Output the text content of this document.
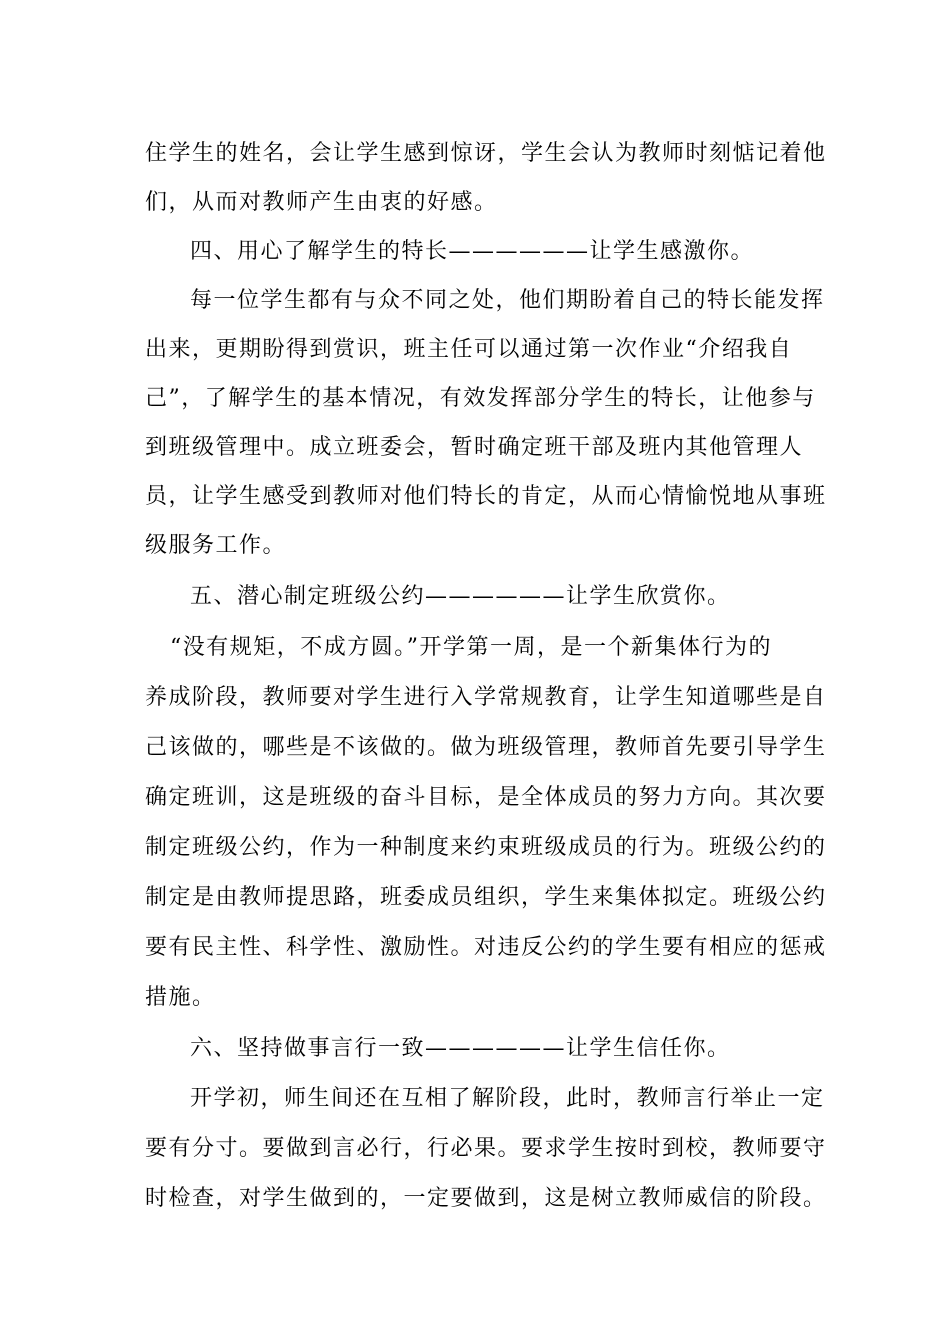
住学生的姓名，会让学生感到惊讶，学生会认为教师时刻惦记着他
们，从而对教师产生由衷的好感。
四、用心了解学生的特长——————让学生感激你。
每一位学生都有与众不同之处，他们期盼着自己的特长能发挥
出来，更期盼得到赏识，班主任可以通过第一次作业“介绍我自
己”，了解学生的基本情况，有效发挥部分学生的特长，让他参与
到班级管理中。成立班委会，暂时确定班干部及班内其他管理人
员，让学生感受到教师对他们特长的肯定，从而心情愉悦地从事班
级服务工作。
五、潜心制定班级公约——————让学生欣赏你。
“没有规矩，不成方圆。”开学第一周，是一个新集体行为的
养成阶段，教师要对学生进行入学常规教育，让学生知道哪些是自
己该做的，哪些是不该做的。做为班级管理，教师首先要引导学生
确定班训，这是班级的奋斗目标，是全体成员的努力方向。其次要
制定班级公约，作为一种制度来约束班级成员的行为。班级公约的
制定是由教师提思路，班委成员组织，学生来集体拟定。班级公约
要有民主性、科学性、激励性。对违反公约的学生要有相应的惩戒
措施。
六、坚持做事言行一致——————让学生信任你。
开学初，师生间还在互相了解阶段，此时，教师言行举止一定
要有分寸。要做到言必行，行必果。要求学生按时到校，教师要守
时检查，对学生做到的，一定要做到，这是树立教师威信的阶段。
